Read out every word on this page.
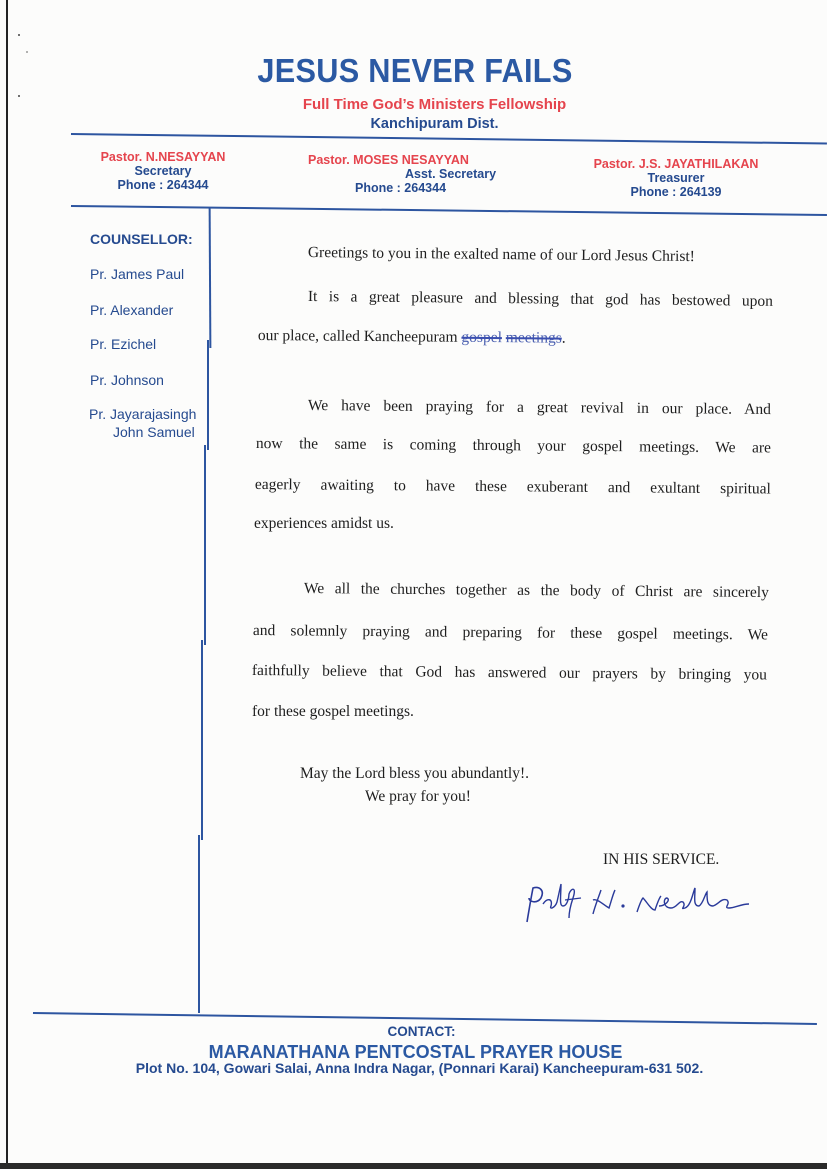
JESUS NEVER FAILS
Full Time God’s Ministers Fellowship
Kanchipuram Dist.
Pastor. N.NESAYYAN
Secretary
Phone : 264344
Pastor. MOSES NESAYYAN
Asst. Secretary
Phone : 264344
Pastor. J.S. JAYATHILAKAN
Treasurer
Phone : 264139
COUNSELLOR:
Pr. James Paul
Pr. Alexander
Pr. Ezichel
Pr. Johnson
Pr. Jayarajasingh
John Samuel
Greetings to you in the exalted name of our Lord Jesus Christ!
It is a great pleasure and blessing that god has bestowed upon
our place, called Kancheepuram gospel meetings.
We have been praying for a great revival in our place. And
now the same is coming through your gospel meetings. We are
eagerly awaiting to have these exuberant and exultant spiritual
experiences amidst us.
We all the churches together as the body of Christ are sincerely
and solemnly praying and preparing for these gospel meetings. We
faithfully believe that God has answered our prayers by bringing you
for these gospel meetings.
May the Lord bless you abundantly!.
We pray for you!
IN HIS SERVICE.
CONTACT:
MARANATHANA PENTCOSTAL PRAYER HOUSE
Plot No. 104, Gowari Salai, Anna Indra Nagar, (Ponnari Karai) Kancheepuram-631 502.
